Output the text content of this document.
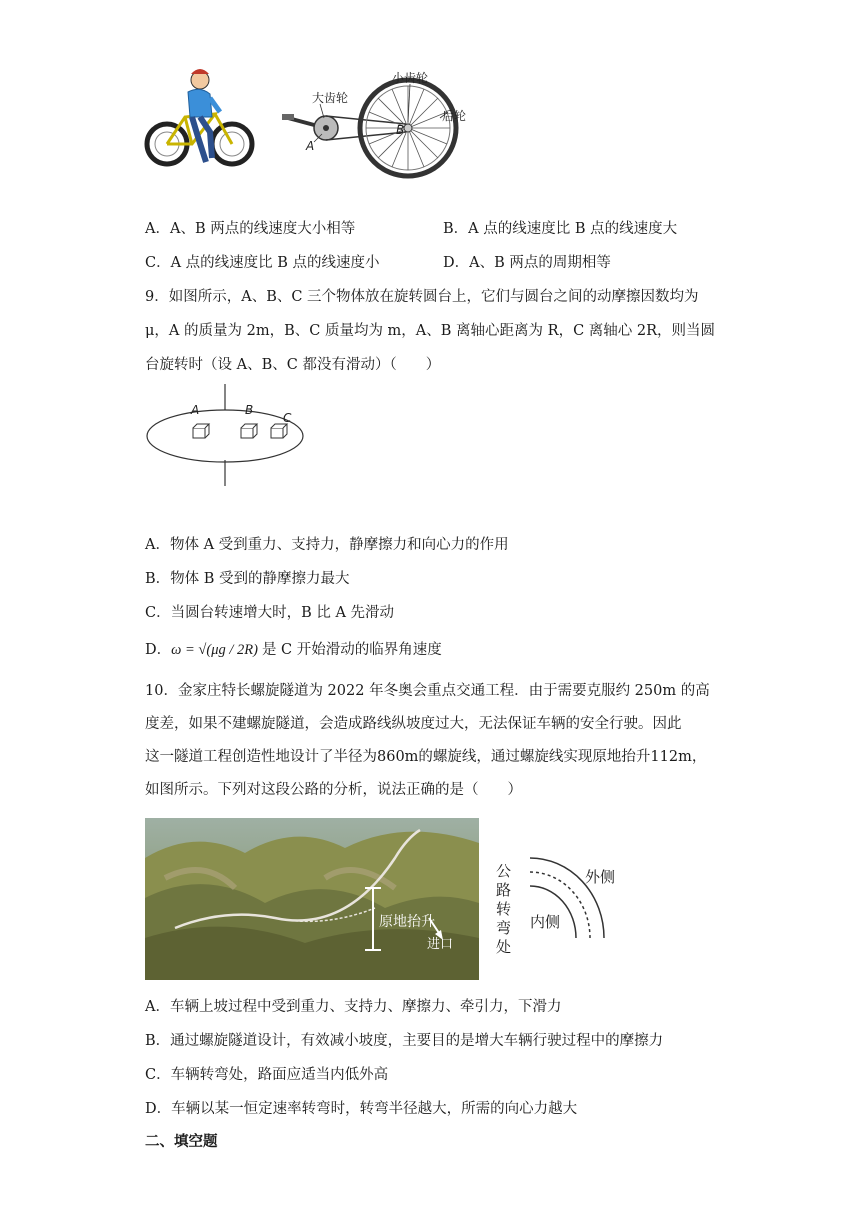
大齿轮
小齿轮
后轮
A
B
A．A、B 两点的线速度大小相等	B．A 点的线速度比 B 点的线速度大
C．A 点的线速度比 B 点的线速度小	D．A、B 两点的周期相等
9．如图所示，A、B、C 三个物体放在旋转圆台上，它们与圆台之间的动摩擦因数均为
μ，A 的质量为 2m，B、C 质量均为 m，A、B 离轴心距离为 R，C 离轴心 2R，则当圆
台旋转时（设 A、B、C 都没有滑动）（　　）
A	B
C
A．物体 A 受到重力、支持力，静摩擦力和向心力的作用
B．物体 B 受到的静摩擦力最大
C．当圆台转速增大时，B 比 A 先滑动
D． ω = √(μg / 2R) 是 C 开始滑动的临界角速度
10．金家庄特长螺旋隧道为 2022 年冬奥会重点交通工程．由于需要克服约 250m 的高
度差，如果不建螺旋隧道，会造成路线纵坡度过大，无法保证车辆的安全行驶。因此
这一隧道工程创造性地设计了半径为860m的螺旋线，通过螺旋线实现原地抬升112m，
如图所示。下列对这段公路的分析，说法正确的是（　　）
原地抬升
进口
公路转弯处
外侧
内侧
A．车辆上坡过程中受到重力、支持力、摩擦力、牵引力，下滑力
B．通过螺旋隧道设计，有效减小坡度，主要目的是增大车辆行驶过程中的摩擦力
C．车辆转弯处，路面应适当内低外高
D．车辆以某一恒定速率转弯时，转弯半径越大，所需的向心力越大
二、填空题
